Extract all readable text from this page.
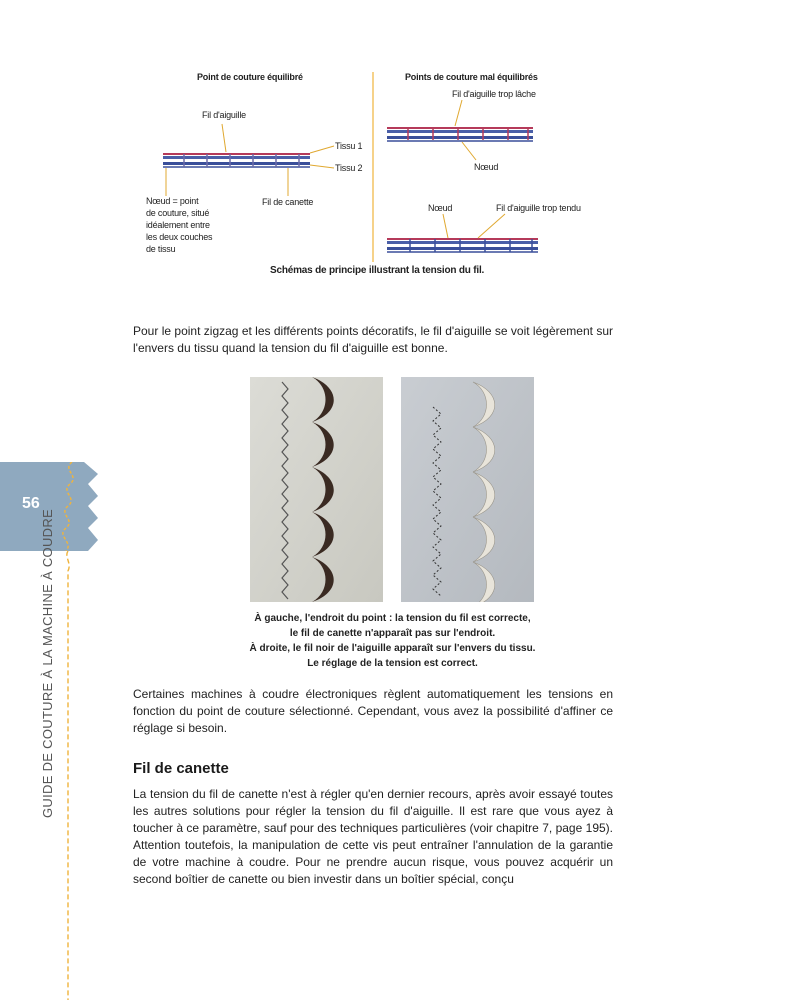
Point de couture équilibré	Points de couture mal équilibrés
Fil d'aiguille
Tissu 1
Tissu 2
Nœud = point
de couture, situé
idéalement entre
les deux couches
de tissu
Fil de canette
Fil d'aiguille trop lâche
Nœud
Nœud	Fil d'aiguille trop tendu
Schémas de principe illustrant la tension du fil.

Pour le point zigzag et les différents points décoratifs, le fil d'aiguille se voit légèrement sur l'envers du tissu quand la tension du fil d'aiguille est bonne.

À gauche, l'endroit du point : la tension du fil est correcte,
le fil de canette n'apparaît pas sur l'endroit.
À droite, le fil noir de l'aiguille apparaît sur l'envers du tissu.
Le réglage de la tension est correct.

Certaines machines à coudre électroniques règlent automatiquement les tensions en fonction du point de couture sélectionné. Cependant, vous avez la possibilité d'affiner ce réglage si besoin.

Fil de canette

La tension du fil de canette n'est à régler qu'en dernier recours, après avoir essayé toutes les autres solutions pour régler la tension du fil d'aiguille. Il est rare que vous ayez à toucher à ce paramètre, sauf pour des techniques particulières (voir chapitre 7, page 195). Attention toutefois, la manipulation de cette vis peut entraîner l'annulation de la garantie de votre machine à coudre. Pour ne prendre aucun risque, vous pouvez acquérir un second boîtier de canette ou bien investir dans un boîtier spécial, conçu

56
GUIDE DE COUTURE À LA MACHINE À COUDRE
